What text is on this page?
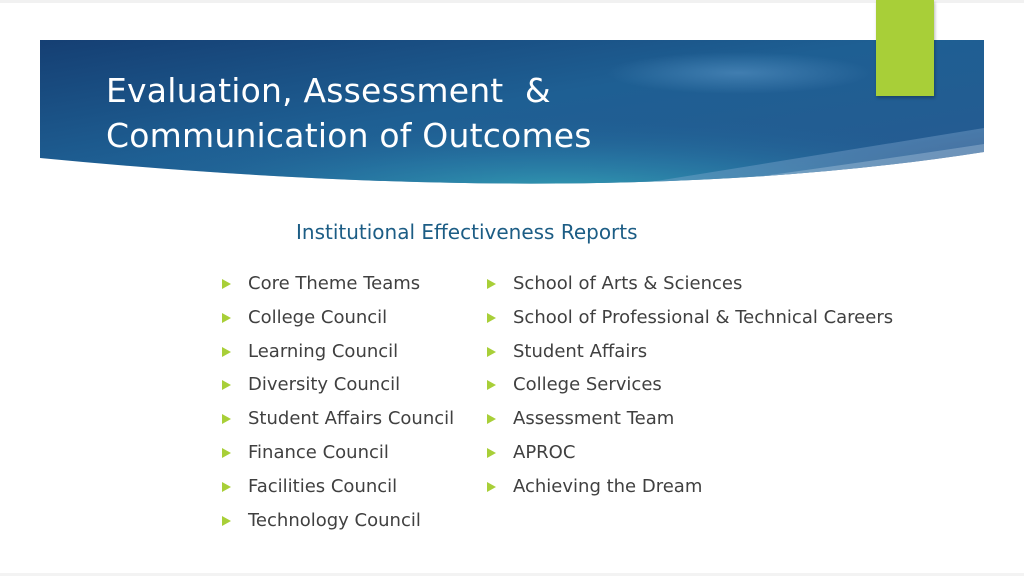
Evaluation, Assessment  &
Communication of Outcomes
Institutional Effectiveness Reports
Core Theme Teams
College Council
Learning Council
Diversity Council
Student Affairs Council
Finance Council
Facilities Council
Technology Council
School of Arts & Sciences
School of Professional & Technical Careers
Student Affairs
College Services
Assessment Team
APROC
Achieving the Dream
